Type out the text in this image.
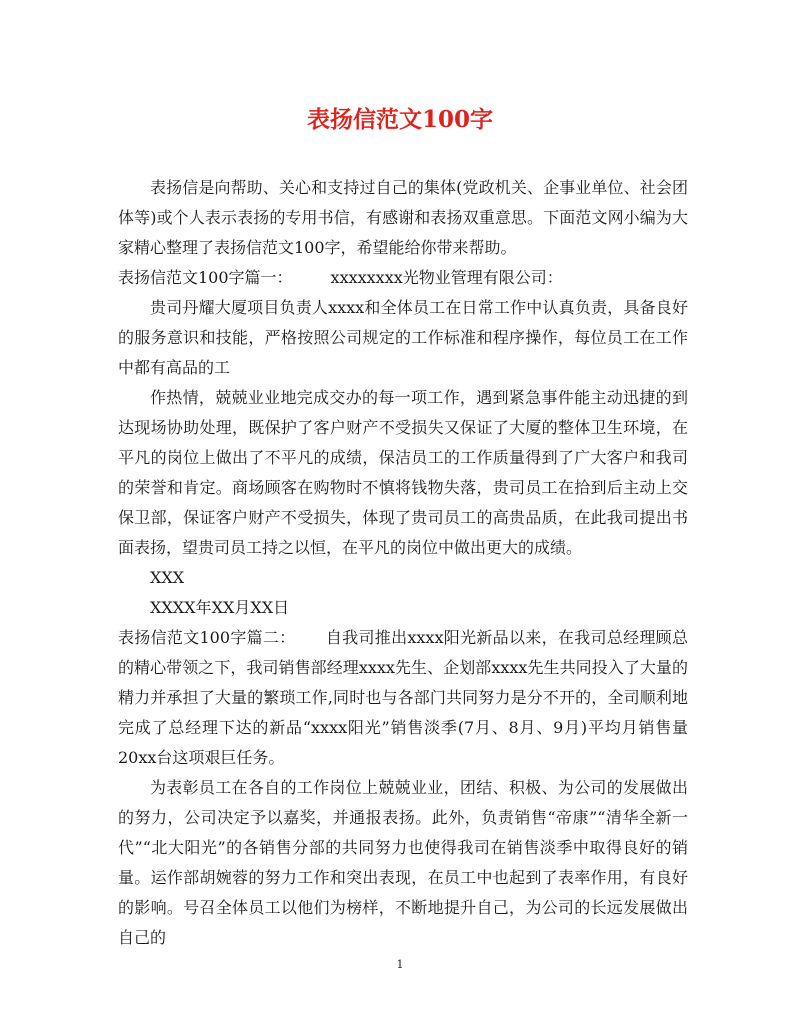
表扬信范文100字

表扬信是向帮助、关心和支持过自己的集体(党政机关、企事业单位、社会团体等)或个人表示表扬的专用书信，有感谢和表扬双重意思。下面范文网小编为大家精心整理了表扬信范文100字，希望能给你带来帮助。

表扬信范文100字篇一： xxxxxxxx光物业管理有限公司：

贵司丹耀大厦项目负责人xxxx和全体员工在日常工作中认真负责，具备良好的服务意识和技能，严格按照公司规定的工作标准和程序操作，每位员工在工作中都有高品的工

作热情，兢兢业业地完成交办的每一项工作，遇到紧急事件能主动迅捷的到达现场协助处理，既保护了客户财产不受损失又保证了大厦的整体卫生环境，在平凡的岗位上做出了不平凡的成绩，保洁员工的工作质量得到了广大客户和我司的荣誉和肯定。商场顾客在购物时不慎将钱物失落，贵司员工在拾到后主动上交保卫部，保证客户财产不受损失，体现了贵司员工的高贵品质，在此我司提出书面表扬，望贵司员工持之以恒，在平凡的岗位中做出更大的成绩。

XXX

XXXX年XX月XX日

表扬信范文100字篇二： 自我司推出xxxx阳光新品以来，在我司总经理顾总的精心带领之下，我司销售部经理xxxx先生、企划部xxxx先生共同投入了大量的精力并承担了大量的繁琐工作,同时也与各部门共同努力是分不开的，全司顺利地完成了总经理下达的新品“xxxx阳光”销售淡季(7月、8月、9月)平均月销售量20xx台这项艰巨任务。

为表彰员工在各自的工作岗位上兢兢业业，团结、积极、为公司的发展做出的努力，公司决定予以嘉奖，并通报表扬。此外，负责销售“帝康”“清华全新一代”“北大阳光”的各销售分部的共同努力也使得我司在销售淡季中取得良好的销量。运作部胡婉蓉的努力工作和突出表现，在员工中也起到了表率作用，有良好的影响。号召全体员工以他们为榜样，不断地提升自己，为公司的长远发展做出自己的

1
